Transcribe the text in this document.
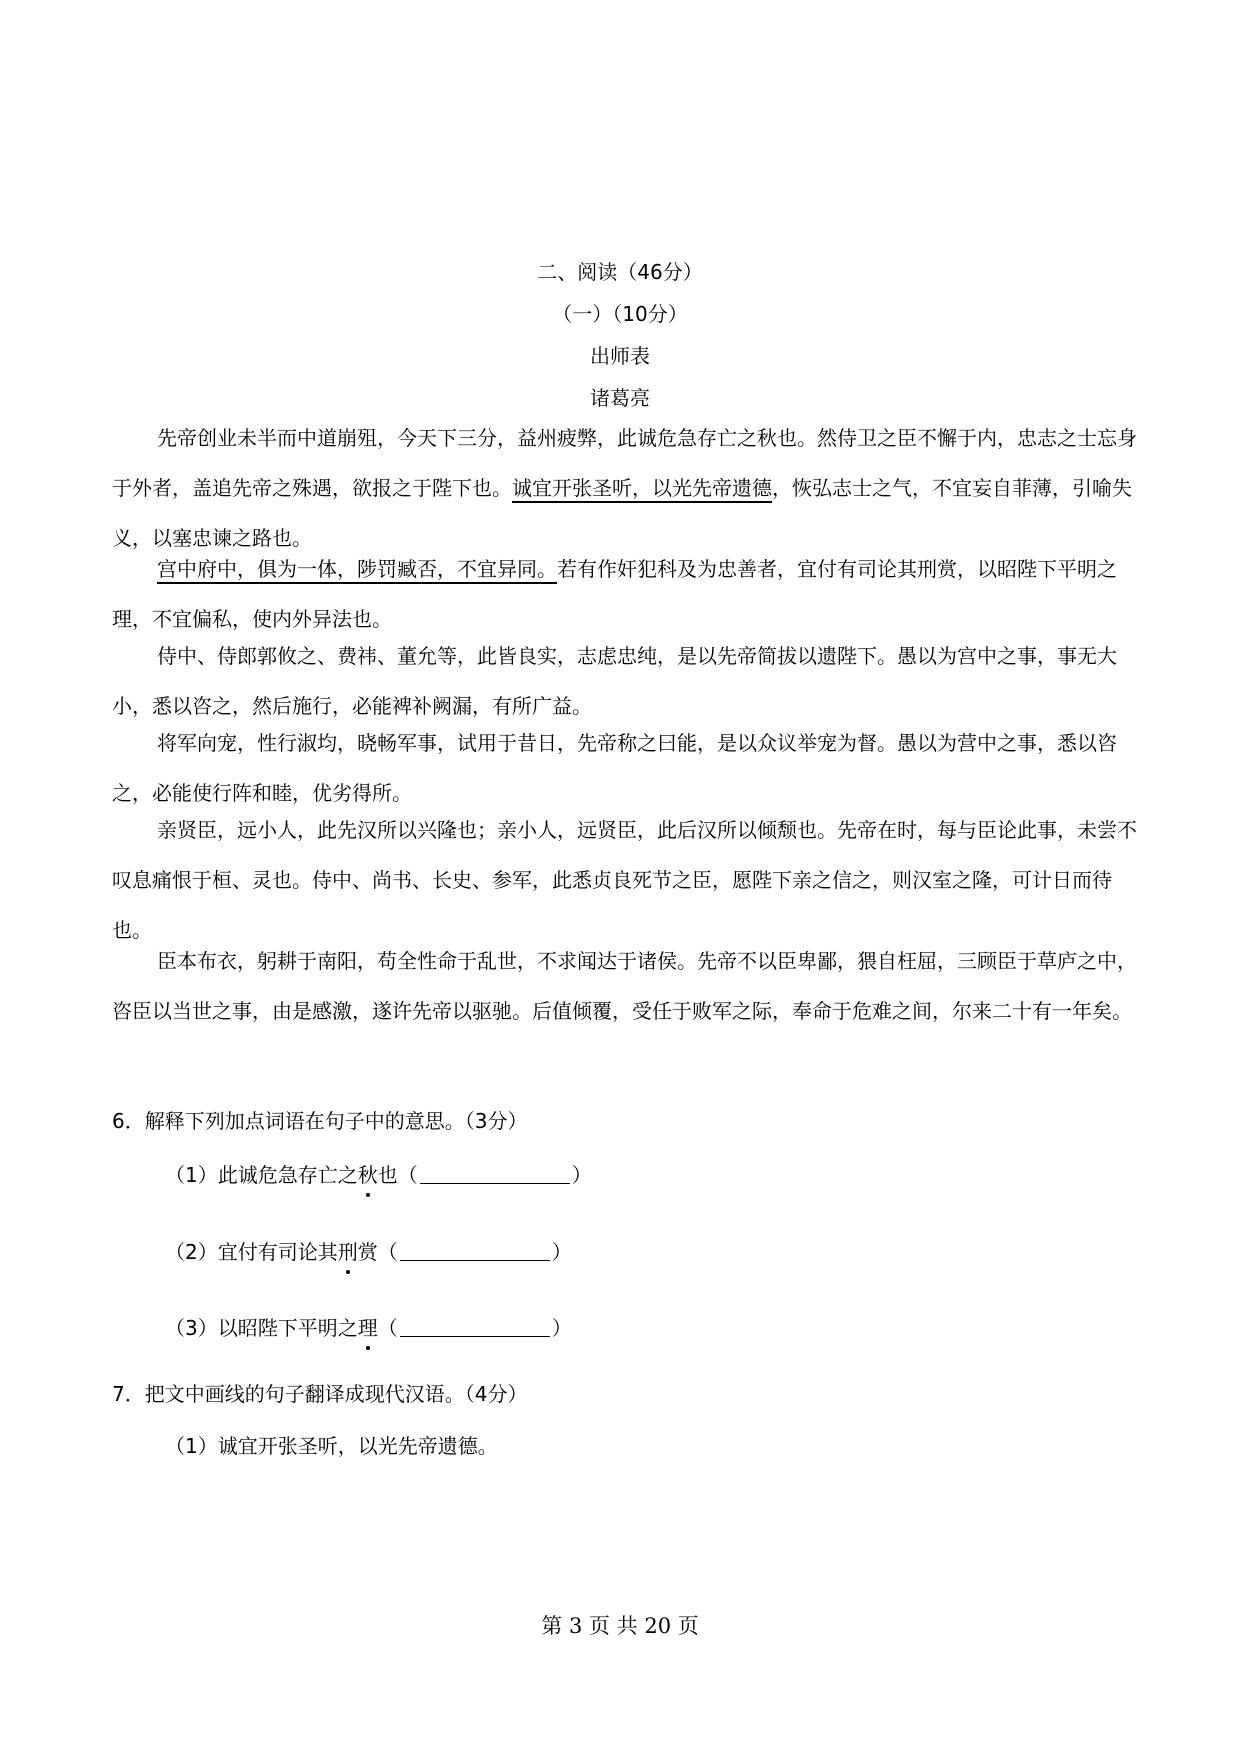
二、阅读（46分）
（一）（10分）
出师表
诸葛亮
先帝创业未半而中道崩殂，今天下三分，益州疲弊，此诚危急存亡之秋也。然侍卫之臣不懈于内，忠志之士忘身于外者，盖追先帝之殊遇，欲报之于陛下也。诚宜开张圣听，以光先帝遗德，恢弘志士之气，不宜妄自菲薄，引喻失义，以塞忠谏之路也。
宫中府中，俱为一体，陟罚臧否，不宜异同。若有作奸犯科及为忠善者，宜付有司论其刑赏，以昭陛下平明之理，不宜偏私，使内外异法也。
侍中、侍郎郭攸之、费祎、董允等，此皆良实，志虑忠纯，是以先帝简拔以遗陛下。愚以为宫中之事，事无大小，悉以咨之，然后施行，必能裨补阙漏，有所广益。
将军向宠，性行淑均，晓畅军事，试用于昔日，先帝称之曰能，是以众议举宠为督。愚以为营中之事，悉以咨之，必能使行阵和睦，优劣得所。
亲贤臣，远小人，此先汉所以兴隆也；亲小人，远贤臣，此后汉所以倾颓也。先帝在时，每与臣论此事，未尝不叹息痛恨于桓、灵也。侍中、尚书、长史、参军，此悉贞良死节之臣，愿陛下亲之信之，则汉室之隆，可计日而待也。
臣本布衣，躬耕于南阳，苟全性命于乱世，不求闻达于诸侯。先帝不以臣卑鄙，猥自枉屈，三顾臣于草庐之中，咨臣以当世之事，由是感激，遂许先帝以驱驰。后值倾覆，受任于败军之际，奉命于危难之间，尔来二十有一年矣。
6．解释下列加点词语在句子中的意思。（3分）
（1）此诚危急存亡之秋也（	）
（2）宜付有司论其刑赏（	）
（3）以昭陛下平明之理（	）
7．把文中画线的句子翻译成现代汉语。（4分）
（1）诚宜开张圣听，以光先帝遗德。
第 3 页 共 20 页
